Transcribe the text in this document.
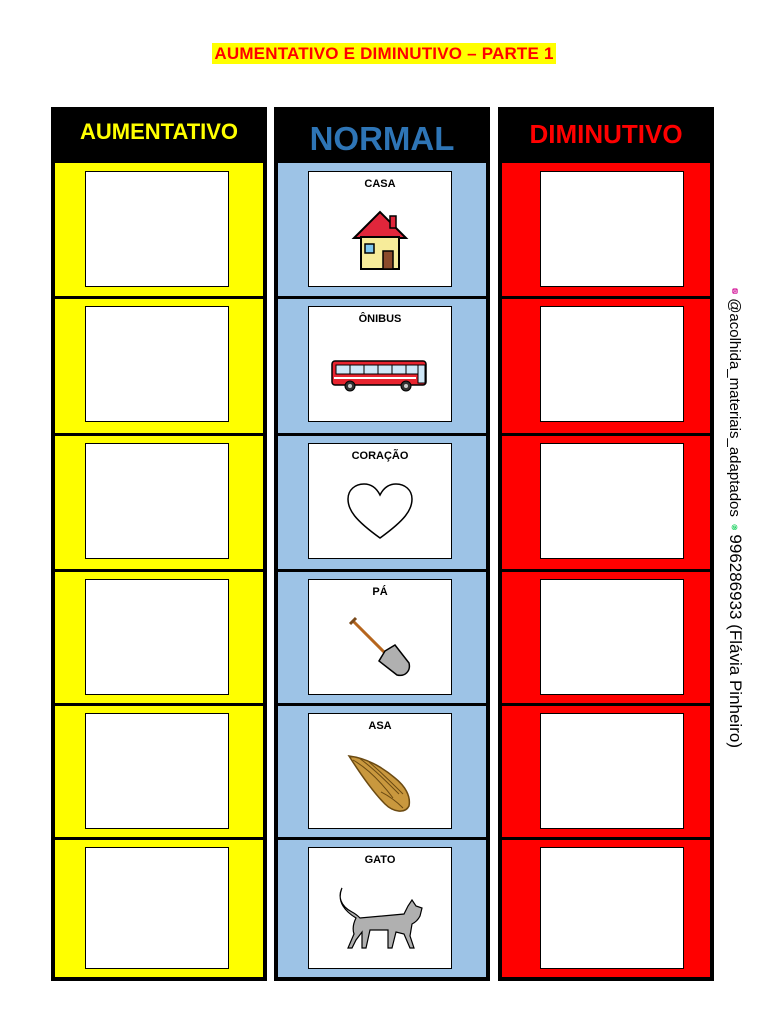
AUMENTATIVO E DIMINUTIVO – PARTE 1
AUMENTATIVO	NORMAL
CASA
ÔNIBUS
CORAÇÃO
PÁ
ASA
GATO
DIMINUTIVO
@acolhida_materiais_adaptados
996286933 (Flávia Pinheiro)
